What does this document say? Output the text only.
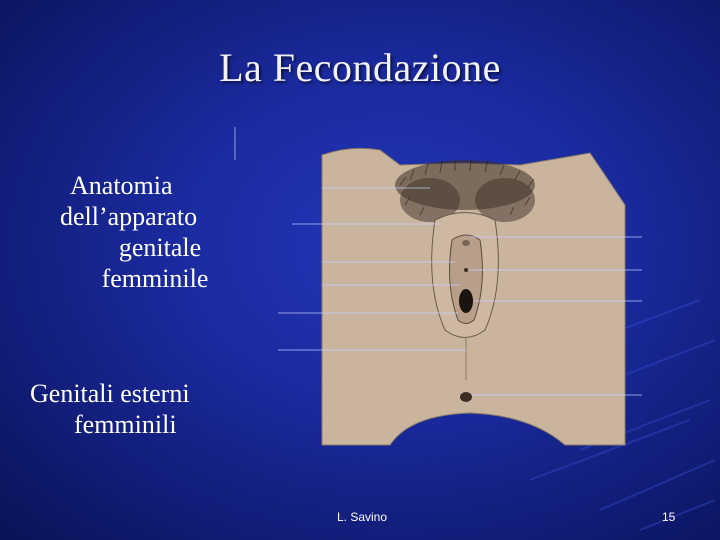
La Fecondazione
Anatomia
dell’apparato
genitale
femminile
Genitali esterni
femminili
L. Savino	15
